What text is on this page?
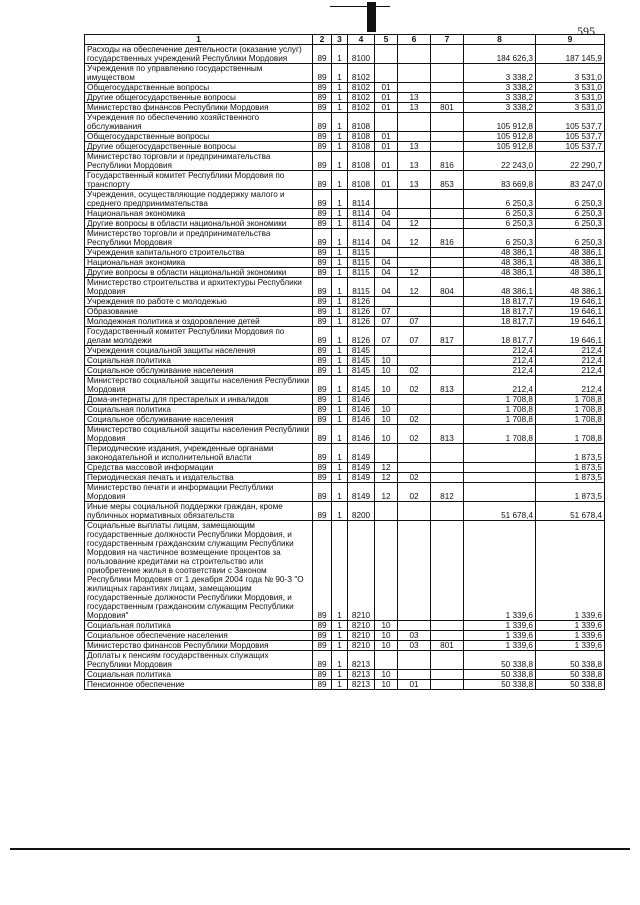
595
1	2	3	4	5	6	7	8	9
Расходы на обеспечение деятельности (оказание услуг) государственных учреждений Республики Мордовия	89	1	8100				184 626,3	187 145,9
Учреждения по управлению государственным имуществом	89	1	8102				3 338,2	3 531,0
Общегосударственные вопросы	89	1	8102	01			3 338,2	3 531,0
Другие общегосударственные вопросы	89	1	8102	01	13		3 338,2	3 531,0
Министерство финансов Республики Мордовия	89	1	8102	01	13	801	3 338,2	3 531,0
Учреждения по обеспечению хозяйственного обслуживания	89	1	8108				105 912,8	105 537,7
Общегосударственные вопросы	89	1	8108	01			105 912,8	105 537,7
Другие общегосударственные вопросы	89	1	8108	01	13		105 912,8	105 537,7
Министерство торговли и предпринимательства Республики Мордовия	89	1	8108	01	13	816	22 243,0	22 290,7
Государственный комитет Республики Мордовия по транспорту	89	1	8108	01	13	853	83 669,8	83 247,0
Учреждения, осуществляющие поддержку малого и среднего предпринимательства	89	1	8114				6 250,3	6 250,3
Национальная экономика	89	1	8114	04			6 250,3	6 250,3
Другие вопросы в области национальной экономики	89	1	8114	04	12		6 250,3	6 250,3
Министерство торговли и предпринимательства Республики Мордовия	89	1	8114	04	12	816	6 250,3	6 250,3
Учреждения капитального строительства	89	1	8115				48 386,1	48 386,1
Национальная экономика	89	1	8115	04			48 386,1	48 386,1
Другие вопросы в области национальной экономики	89	1	8115	04	12		48 386,1	48 386,1
Министерство строительства и архитектуры Республики Мордовия	89	1	8115	04	12	804	48 386,1	48 386,1
Учреждения по работе с молодежью	89	1	8126				18 817,7	19 646,1
Образование	89	1	8126	07			18 817,7	19 646,1
Молодежная политика и оздоровление детей	89	1	8126	07	07		18 817,7	19 646,1
Государственный комитет Республики Мордовия по делам молодежи	89	1	8126	07	07	817	18 817,7	19 646,1
Учреждения социальной защиты населения	89	1	8145				212,4	212,4
Социальная политика	89	1	8145	10			212,4	212,4
Социальное обслуживание населения	89	1	8145	10	02		212,4	212,4
Министерство социальной защиты населения Республики Мордовия	89	1	8145	10	02	813	212,4	212,4
Дома-интернаты для престарелых и инвалидов	89	1	8146				1 708,8	1 708,8
Социальная политика	89	1	8146	10			1 708,8	1 708,8
Социальное обслуживание населения	89	1	8146	10	02		1 708,8	1 708,8
Министерство социальной защиты населения Республики Мордовия	89	1	8146	10	02	813	1 708,8	1 708,8
Периодические издания, учрежденные органами законодательной и исполнительной власти	89	1	8149					1 873,5
Средства массовой информации	89	1	8149	12				1 873,5
Периодическая печать и издательства	89	1	8149	12	02			1 873,5
Министерство печати и информации Республики Мордовия	89	1	8149	12	02	812		1 873,5
Иные меры социальной поддержки граждан, кроме публичных нормативных обязательств	89	1	8200				51 678,4	51 678,4
Социальные выплаты лицам, замещающим государственные должности Республики Мордовия, и государственным гражданским служащим Республики Мордовия на частичное возмещение процентов за пользование кредитами на строительство или приобретение жилья в соответствии с Законом Республики Мордовия от 1 декабря 2004 года № 90-З "О жилищных гарантиях лицам, замещающим государственные должности Республики Мордовия, и государственным гражданским служащим Республики Мордовия"	89	1	8210				1 339,6	1 339,6
Социальная политика	89	1	8210	10			1 339,6	1 339,6
Социальное обеспечение населения	89	1	8210	10	03		1 339,6	1 339,6
Министерство финансов Республики Мордовия	89	1	8210	10	03	801	1 339,6	1 339,6
Доплаты к пенсиям государственных служащих Республики Мордовия	89	1	8213				50 338,8	50 338,8
Социальная политика	89	1	8213	10			50 338,8	50 338,8
Пенсионное обеспечение	89	1	8213	10	01		50 338,8	50 338,8
